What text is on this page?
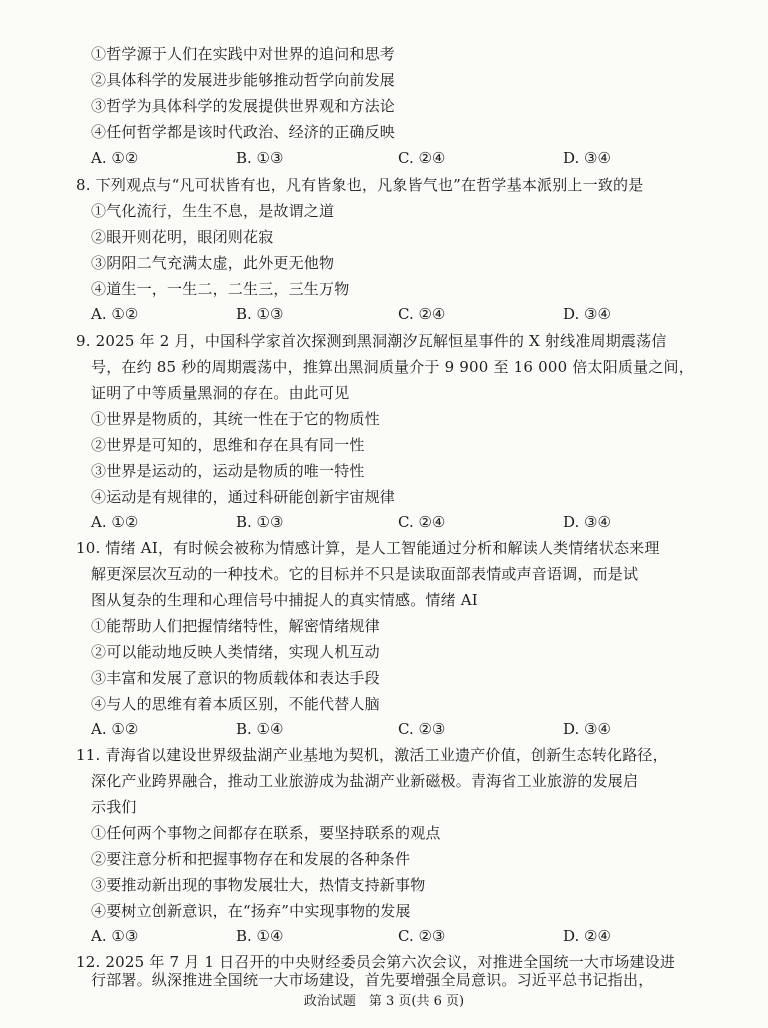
①哲学源于人们在实践中对世界的追问和思考
②具体科学的发展进步能够推动哲学向前发展
③哲学为具体科学的发展提供世界观和方法论
④任何哲学都是该时代政治、经济的正确反映
A. ①②	B. ①③	C. ②④	D. ③④
8. 下列观点与“凡可状皆有也，凡有皆象也，凡象皆气也”在哲学基本派别上一致的是
①气化流行，生生不息，是故谓之道
②眼开则花明，眼闭则花寂
③阴阳二气充满太虚，此外更无他物
④道生一，一生二，二生三，三生万物
A. ①②	B. ①③	C. ②④	D. ③④
9. 2025 年 2 月，中国科学家首次探测到黑洞潮汐瓦解恒星事件的 X 射线准周期震荡信
号，在约 85 秒的周期震荡中，推算出黑洞质量介于 9 900 至 16 000 倍太阳质量之间，
证明了中等质量黑洞的存在。由此可见
①世界是物质的，其统一性在于它的物质性
②世界是可知的，思维和存在具有同一性
③世界是运动的，运动是物质的唯一特性
④运动是有规律的，通过科研能创新宇宙规律
A. ①②	B. ①③	C. ②④	D. ③④
10. 情绪 AI，有时候会被称为情感计算，是人工智能通过分析和解读人类情绪状态来理
解更深层次互动的一种技术。它的目标并不只是读取面部表情或声音语调，而是试
图从复杂的生理和心理信号中捕捉人的真实情感。情绪 AI
①能帮助人们把握情绪特性，解密情绪规律
②可以能动地反映人类情绪，实现人机互动
③丰富和发展了意识的物质载体和表达手段
④与人的思维有着本质区别，不能代替人脑
A. ①②	B. ①④	C. ②③	D. ③④
11. 青海省以建设世界级盐湖产业基地为契机，激活工业遗产价值，创新生态转化路径，
深化产业跨界融合，推动工业旅游成为盐湖产业新磁极。青海省工业旅游的发展启
示我们
①任何两个事物之间都存在联系，要坚持联系的观点
②要注意分析和把握事物存在和发展的各种条件
③要推动新出现的事物发展壮大，热情支持新事物
④要树立创新意识，在“扬弃”中实现事物的发展
A. ①③	B. ①④	C. ②③	D. ②④
12. 2025 年 7 月 1 日召开的中央财经委员会第六次会议，对推进全国统一大市场建设进
行部署。纵深推进全国统一大市场建设，首先要增强全局意识。习近平总书记指出，
政治试题　第 3 页(共 6 页)
